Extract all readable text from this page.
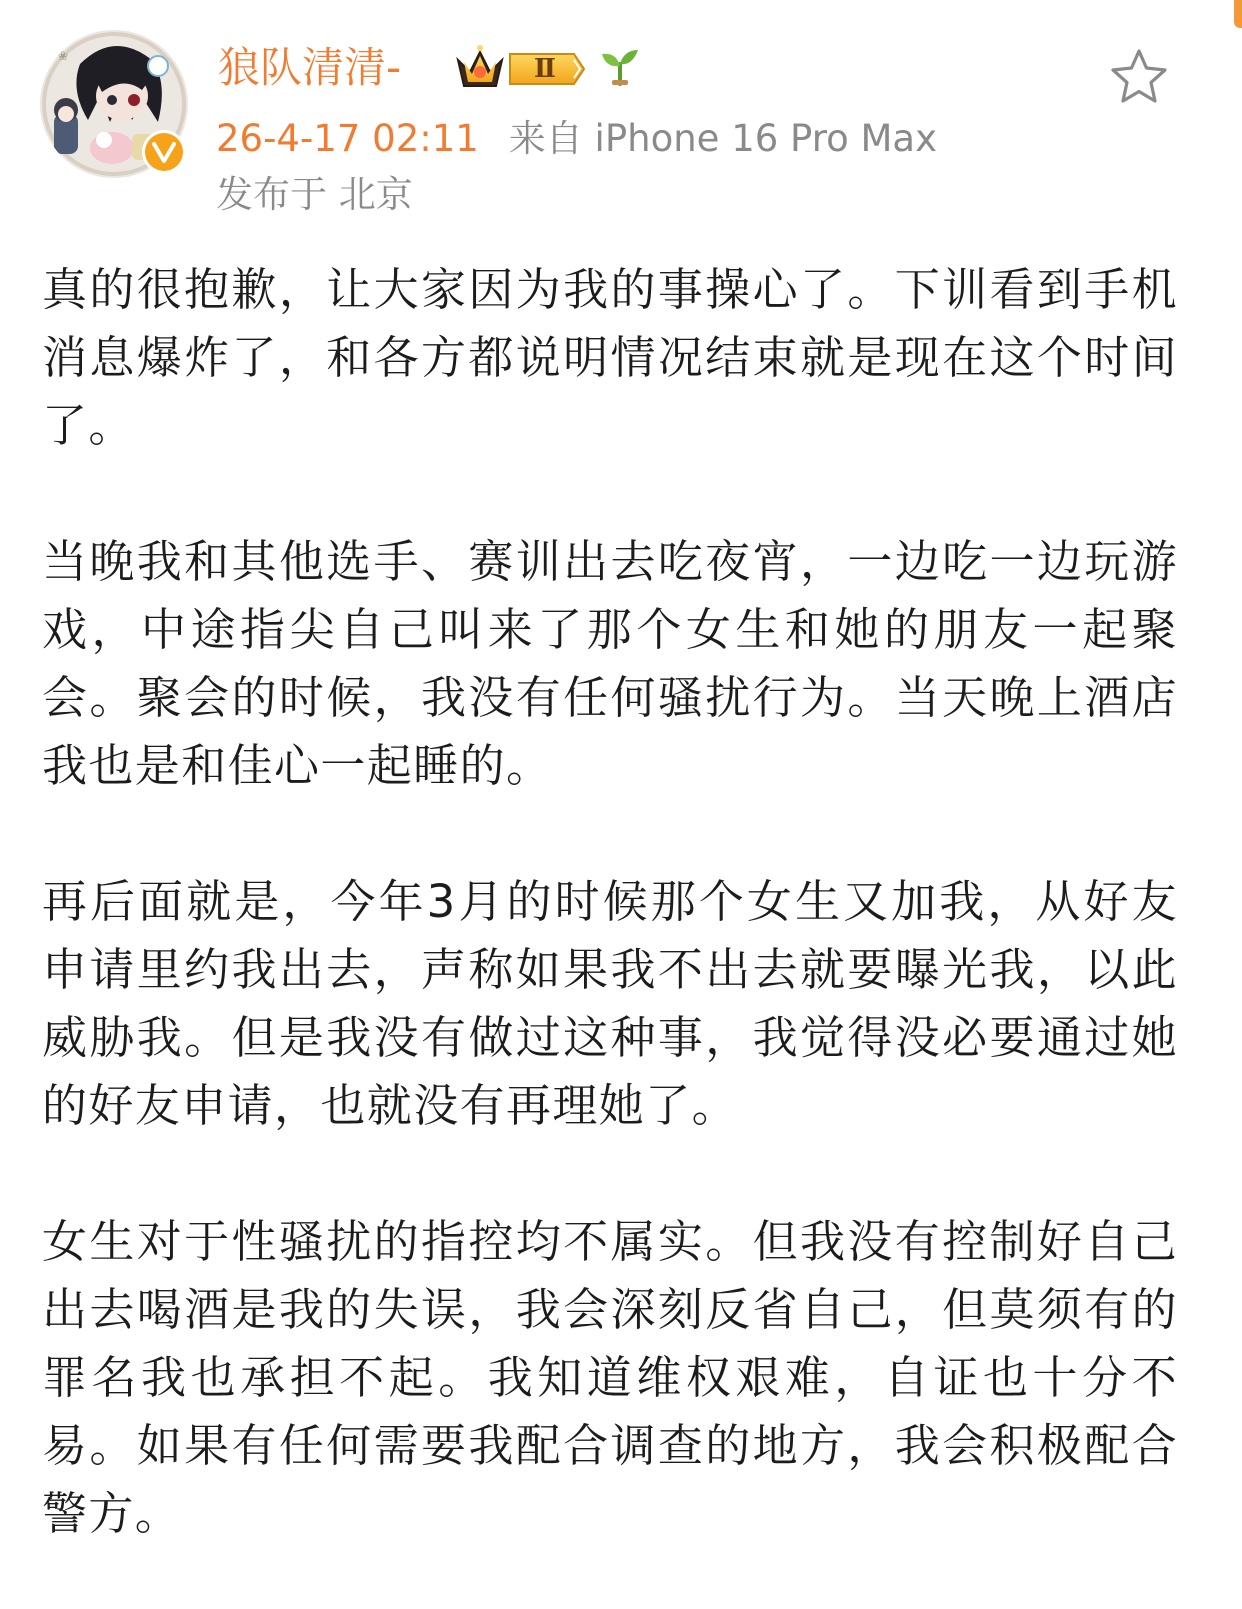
❀	狼队清清-	Ⅱ
26-4-17 02:11 来自 iPhone 16 Pro Max
发布于 北京

真的很抱歉，让大家因为我的事操心了。下训看到手机消息爆炸了，和各方都说明情况结束就是现在这个时间了。

当晚我和其他选手、赛训出去吃夜宵，一边吃一边玩游戏，中途指尖自己叫来了那个女生和她的朋友一起聚会。聚会的时候，我没有任何骚扰行为。当天晚上酒店我也是和佳心一起睡的。

再后面就是，今年3月的时候那个女生又加我，从好友申请里约我出去，声称如果我不出去就要曝光我，以此威胁我。但是我没有做过这种事，我觉得没必要通过她的好友申请，也就没有再理她了。

女生对于性骚扰的指控均不属实。但我没有控制好自己出去喝酒是我的失误，我会深刻反省自己，但莫须有的罪名我也承担不起。我知道维权艰难，自证也十分不易。如果有任何需要我配合调查的地方，我会积极配合警方。
